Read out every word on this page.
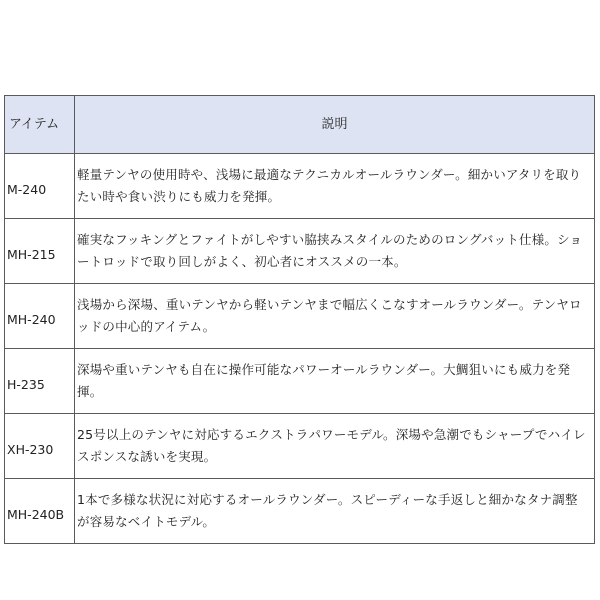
アイテム	説明
M-240	軽量テンヤの使用時や、浅場に最適なテクニカルオールラウンダー。細かいアタリを取りたい時や食い渋りにも威力を発揮。
MH-215	確実なフッキングとファイトがしやすい脇挟みスタイルのためのロングバット仕様。ショートロッドで取り回しがよく、初心者にオススメの一本。
MH-240	浅場から深場、重いテンヤから軽いテンヤまで幅広くこなすオールラウンダー。テンヤロッドの中心的アイテム。
H-235	深場や重いテンヤも自在に操作可能なパワーオールラウンダー。大鯛狙いにも威力を発揮。
XH-230	25号以上のテンヤに対応するエクストラパワーモデル。深場や急潮でもシャープでハイレスポンスな誘いを実現。
MH-240B	1本で多様な状況に対応するオールラウンダー。スピーディーな手返しと細かなタナ調整が容易なベイトモデル。
